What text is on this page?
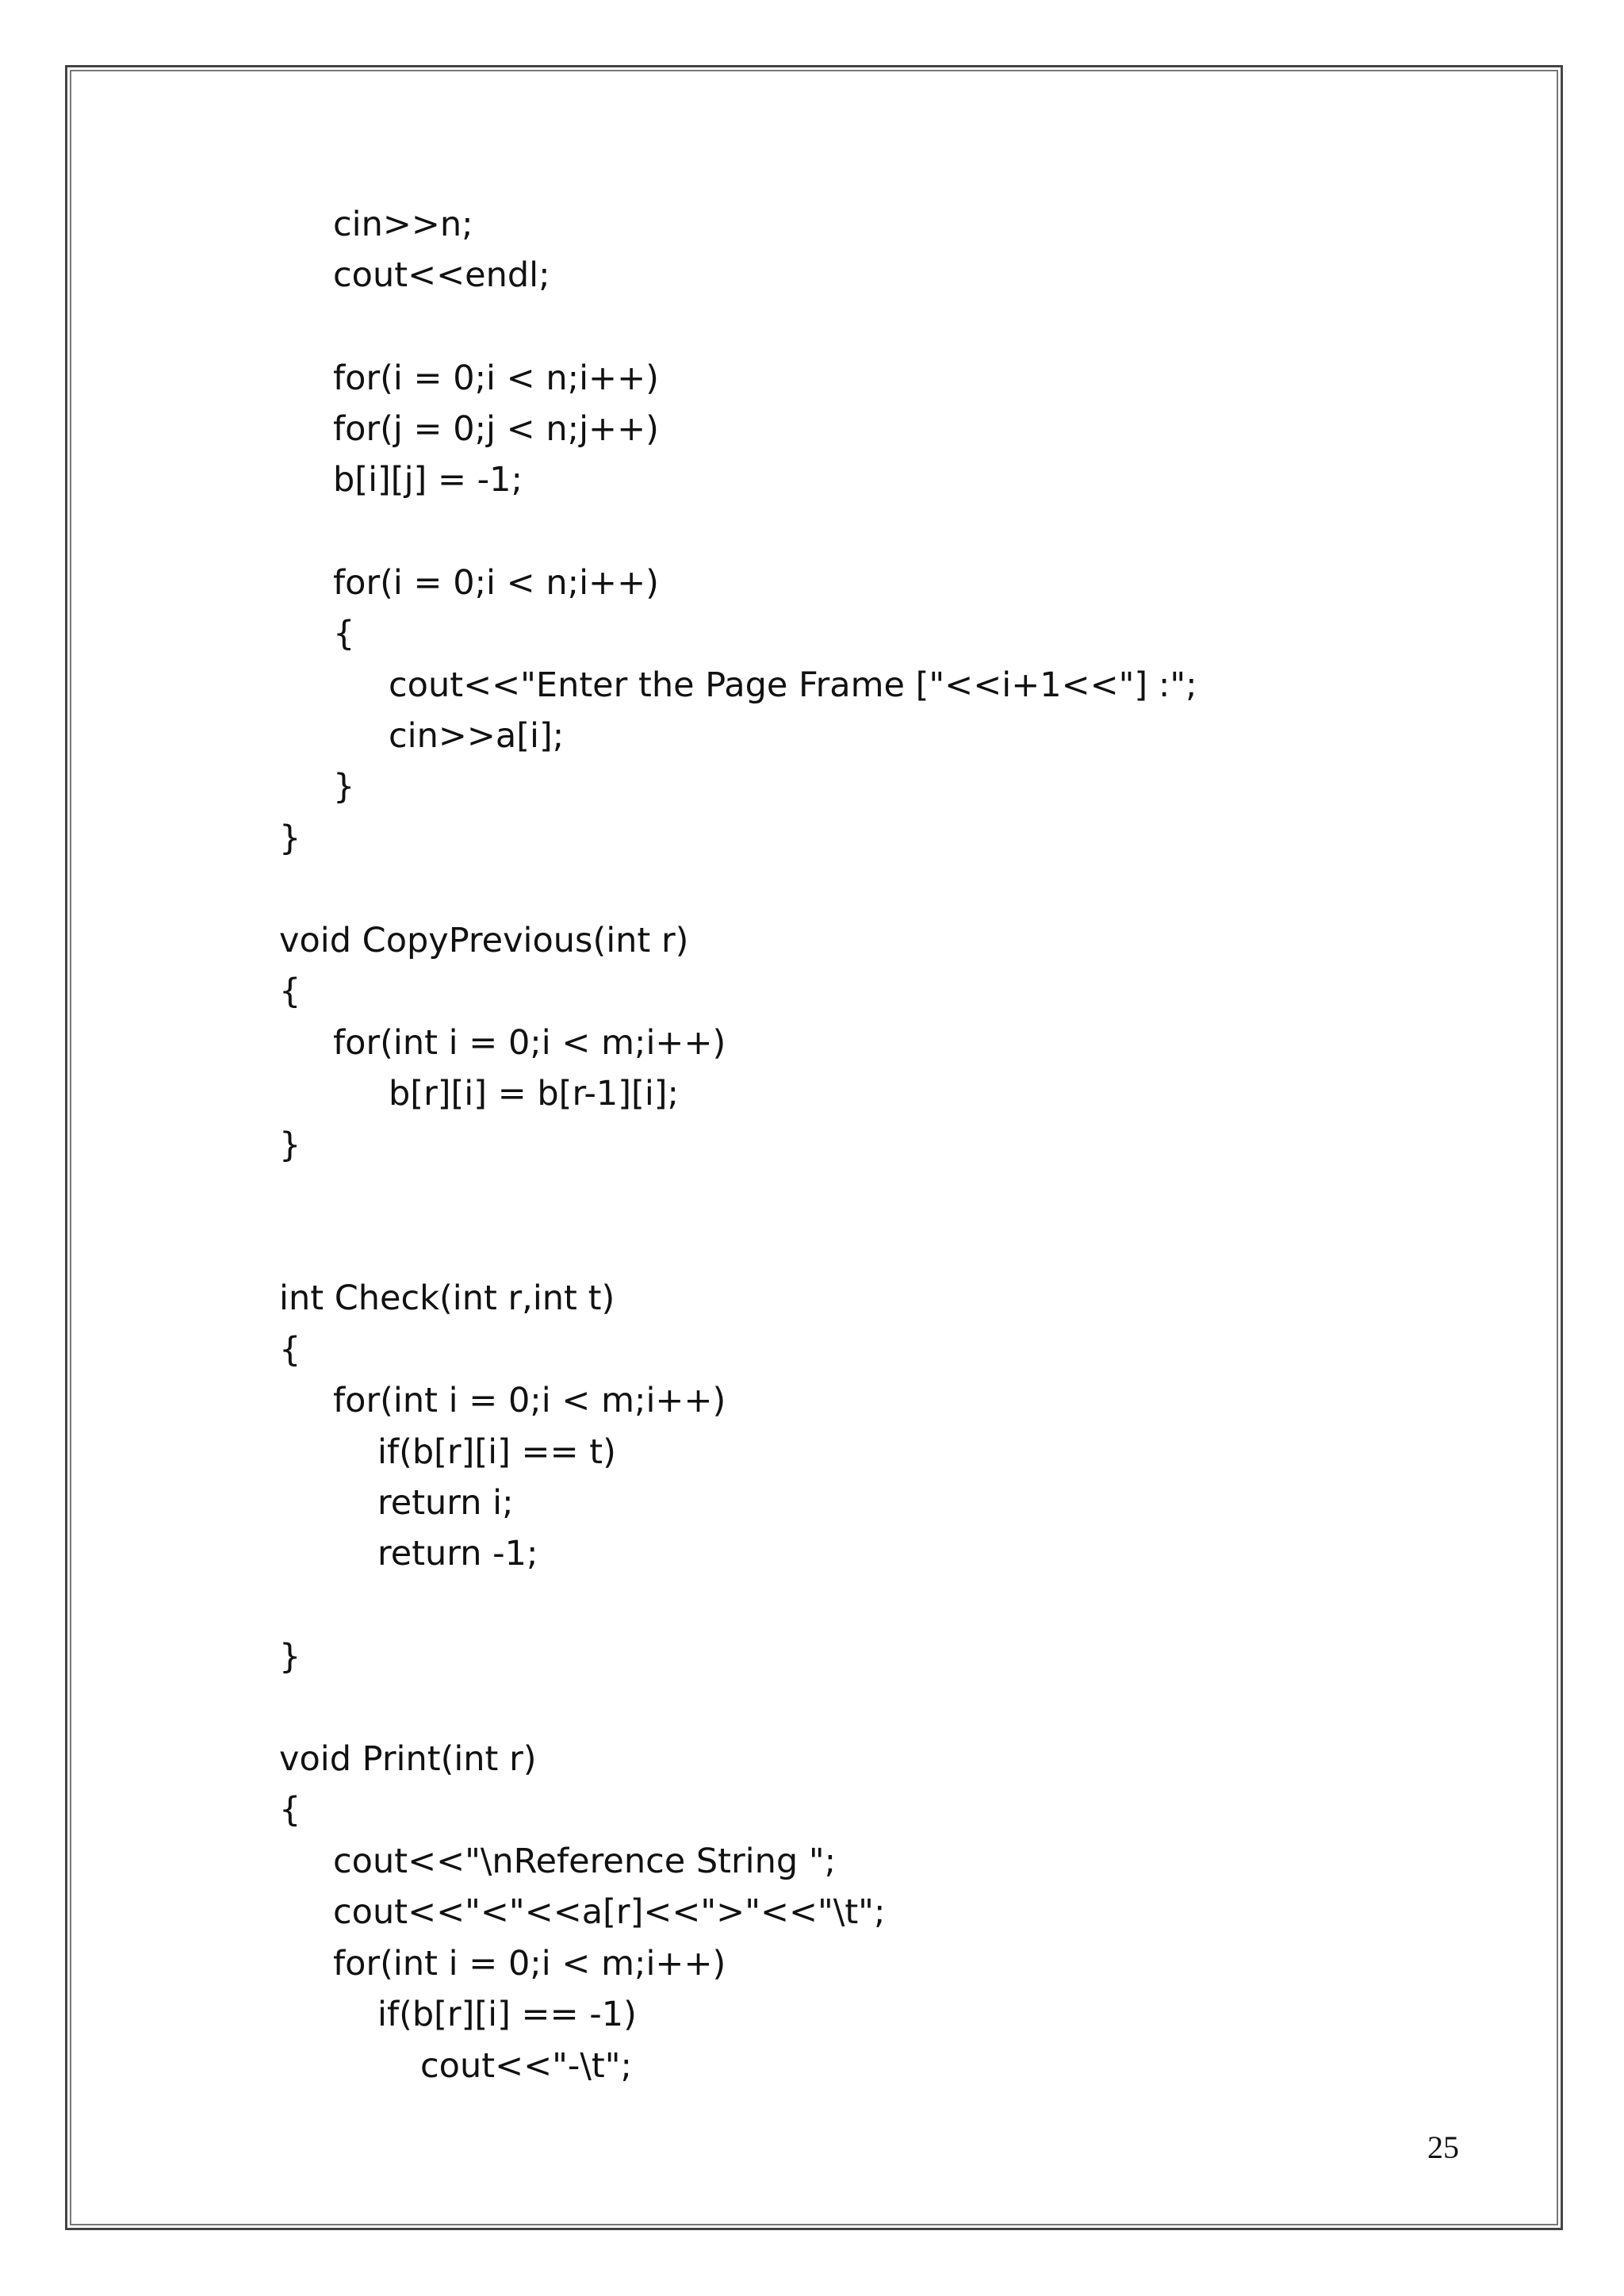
cin>>n;
cout<<endl;
for(i = 0;i < n;i++)
for(j = 0;j < n;j++)
b[i][j] = -1;
for(i = 0;i < n;i++)
{
cout<<"Enter the Page Frame ["<<i+1<<"] :";
cin>>a[i];
}
}
void CopyPrevious(int r)
{
for(int i = 0;i < m;i++)
b[r][i] = b[r-1][i];
}
int Check(int r,int t)
{
for(int i = 0;i < m;i++)
if(b[r][i] == t)
return i;
return -1;
}
void Print(int r)
{
cout<<"\nReference String ";
cout<<"<"<<a[r]<<">"<<"\t";
for(int i = 0;i < m;i++)
if(b[r][i] == -1)
cout<<"-\t";
25
